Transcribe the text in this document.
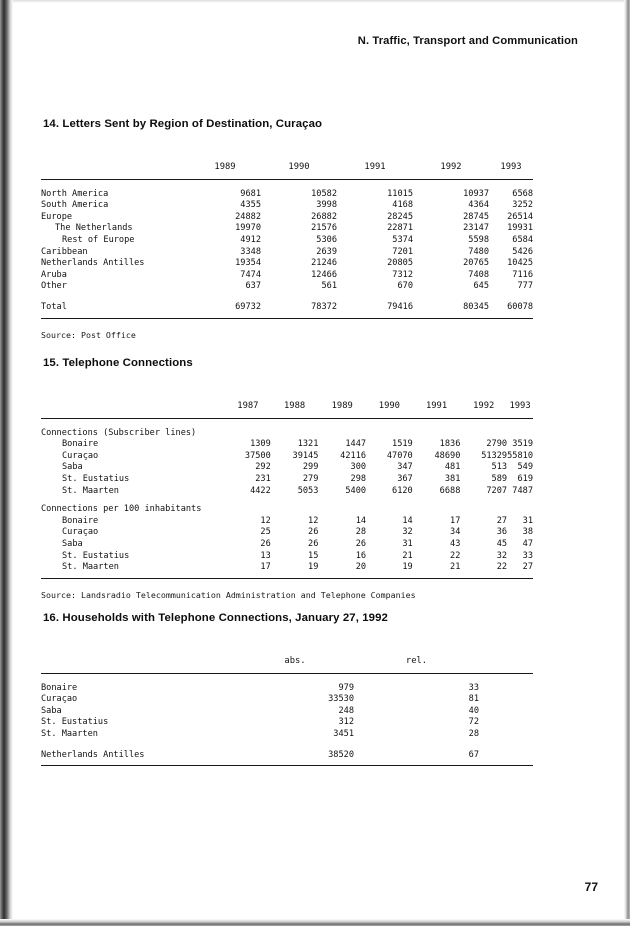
N. Traffic, Transport and Communication
14. Letters Sent by Region of Destination, Curaçao
	1989	1990	1991	1992	1993

North America	9681	10582	11015	10937	6568
South America	4355	3998	4168	4364	3252
Europe	24882	26882	28245	28745	26514
The Netherlands	19970	21576	22871	23147	19931
Rest of Europe	4912	5306	5374	5598	6584
Caribbean	3348	2639	7201	7480	5426
Netherlands Antilles	19354	21246	20805	20765	10425
Aruba	7474	12466	7312	7408	7116
Other	637	561	670	645	777
Total	69732	78372	79416	80345	60078
Source: Post Office
15. Telephone Connections
	1987	1988	1989	1990	1991	1992	1993

Connections (Subscriber lines)							
Bonaire	1309	1321	1447	1519	1836	2790	3519
Curaçao	37500	39145	42116	47070	48690	51329	55810
Saba	292	299	300	347	481	513	549
St. Eustatius	231	279	298	367	381	589	619
St. Maarten	4422	5053	5400	6120	6688	7207	7487
Connections per 100 inhabitants							
Bonaire	12	12	14	14	17	27	31
Curaçao	25	26	28	32	34	36	38
Saba	26	26	26	31	43	45	47
St. Eustatius	13	15	16	21	22	32	33
St. Maarten	17	19	20	19	21	22	27
Source: Landsradio Telecommunication Administration and Telephone Companies
16. Households with Telephone Connections, January 27, 1992
	abs.	rel.	

Bonaire	979	33	
Curaçao	33530	81	
Saba	248	40	
St. Eustatius	312	72	
St. Maarten	3451	28	
Netherlands Antilles	38520	67	
77
